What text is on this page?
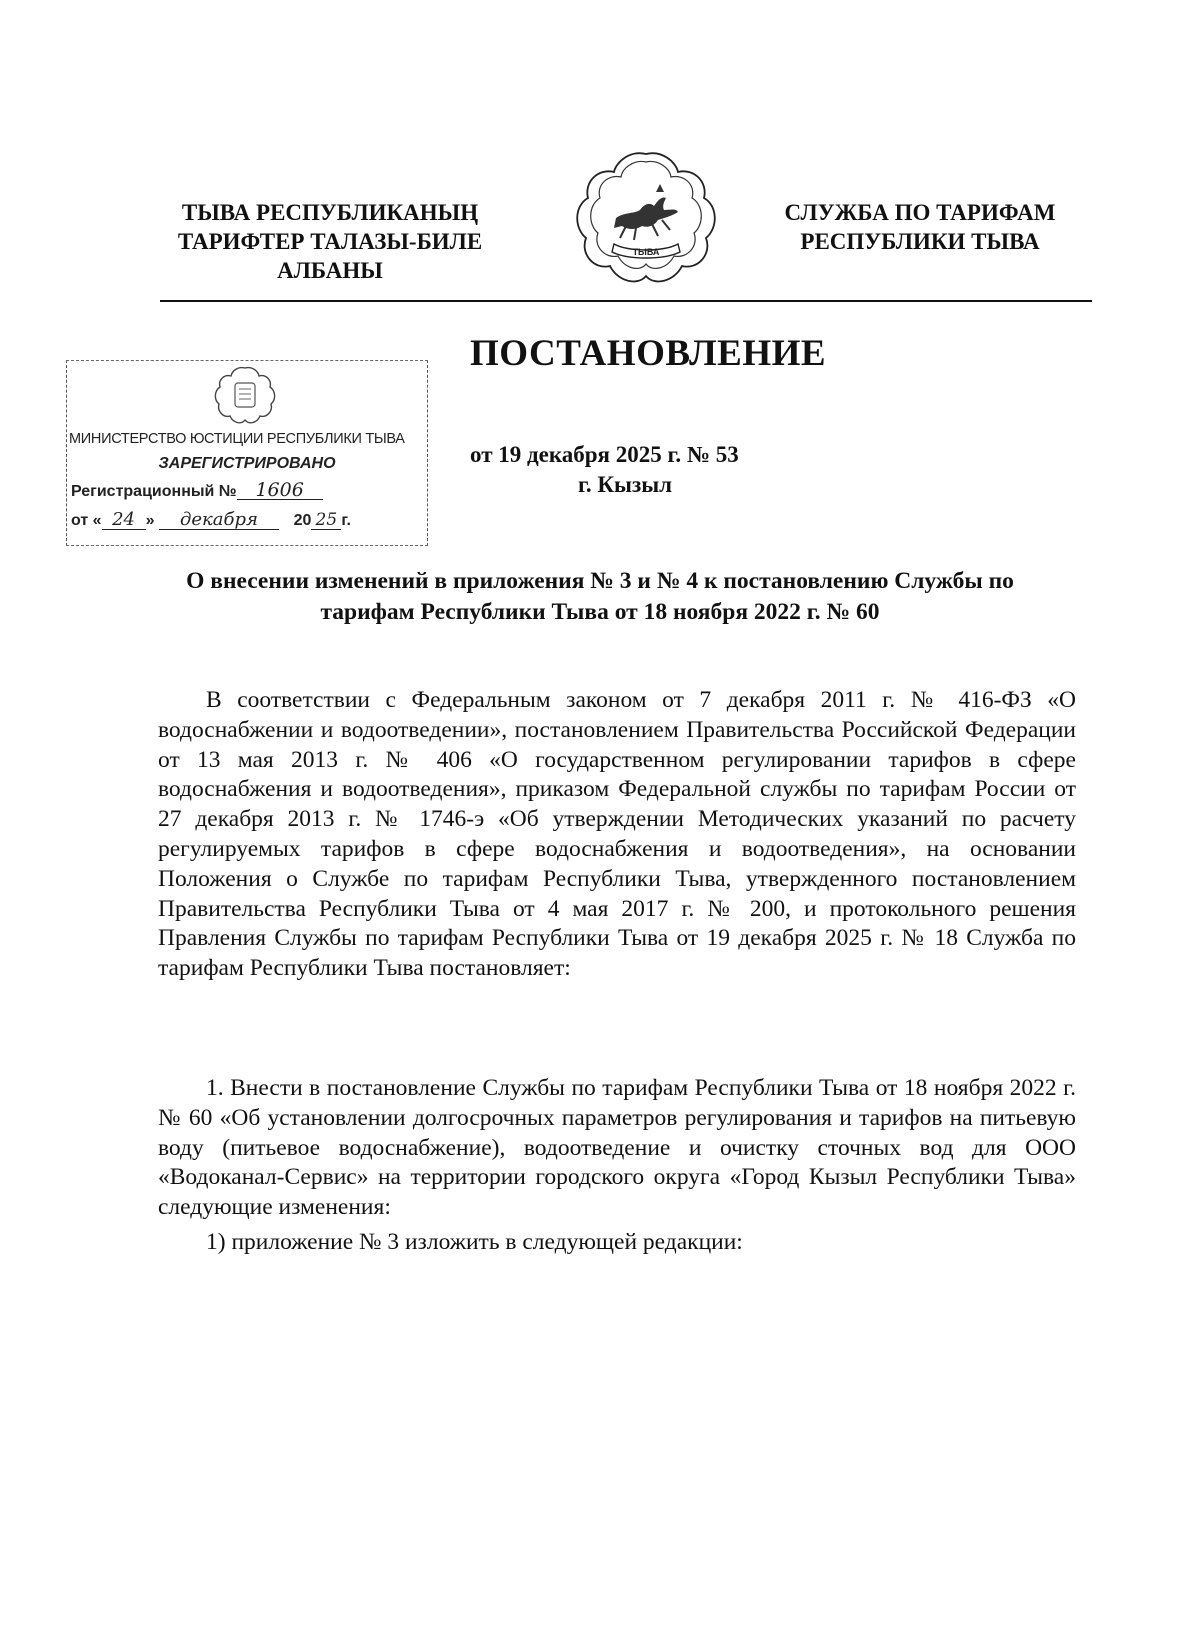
ТЫВА РЕСПУБЛИКАНЫҢ
ТАРИФТЕР ТАЛАЗЫ-БИЛЕ
АЛБАНЫ
ТЫВА
СЛУЖБА ПО ТАРИФАМ
РЕСПУБЛИКИ ТЫВА
ПОСТАНОВЛЕНИЕ
МИНИСТЕРСТВО ЮСТИЦИИ РЕСПУБЛИКИ ТЫВА
ЗАРЕГИСТРИРОВАНО
Регистрационный № 1606
от « 24 » декабря 20 25 г.
от 19 декабря 2025 г. № 53
г. Кызыл
О внесении изменений в приложения № 3 и № 4 к постановлению Службы по
тарифам Республики Тыва от 18 ноября 2022 г. № 60
В соответствии с Федеральным законом от 7 декабря 2011 г. № 416-ФЗ «О водоснабжении и водоотведении», постановлением Правительства Российской Федерации от 13 мая 2013 г. № 406 «О государственном регулировании тарифов в сфере водоснабжения и водоотведения», приказом Федеральной службы по тарифам России от 27 декабря 2013 г. № 1746-э «Об утверждении Методических указаний по расчету регулируемых тарифов в сфере водоснабжения и водоотведения», на основании Положения о Службе по тарифам Республики Тыва, утвержденного постановлением Правительства Республики Тыва от 4 мая 2017 г. № 200, и протокольного решения Правления Службы по тарифам Республики Тыва от 19 декабря 2025 г. № 18 Служба по тарифам Республики Тыва постановляет:
1. Внести в постановление Службы по тарифам Республики Тыва от 18 ноября 2022 г. № 60 «Об установлении долгосрочных параметров регулирования и тарифов на питьевую воду (питьевое водоснабжение), водоотведение и очистку сточных вод для ООО «Водоканал-Сервис» на территории городского округа «Город Кызыл Республики Тыва» следующие изменения:
1) приложение № 3 изложить в следующей редакции:
